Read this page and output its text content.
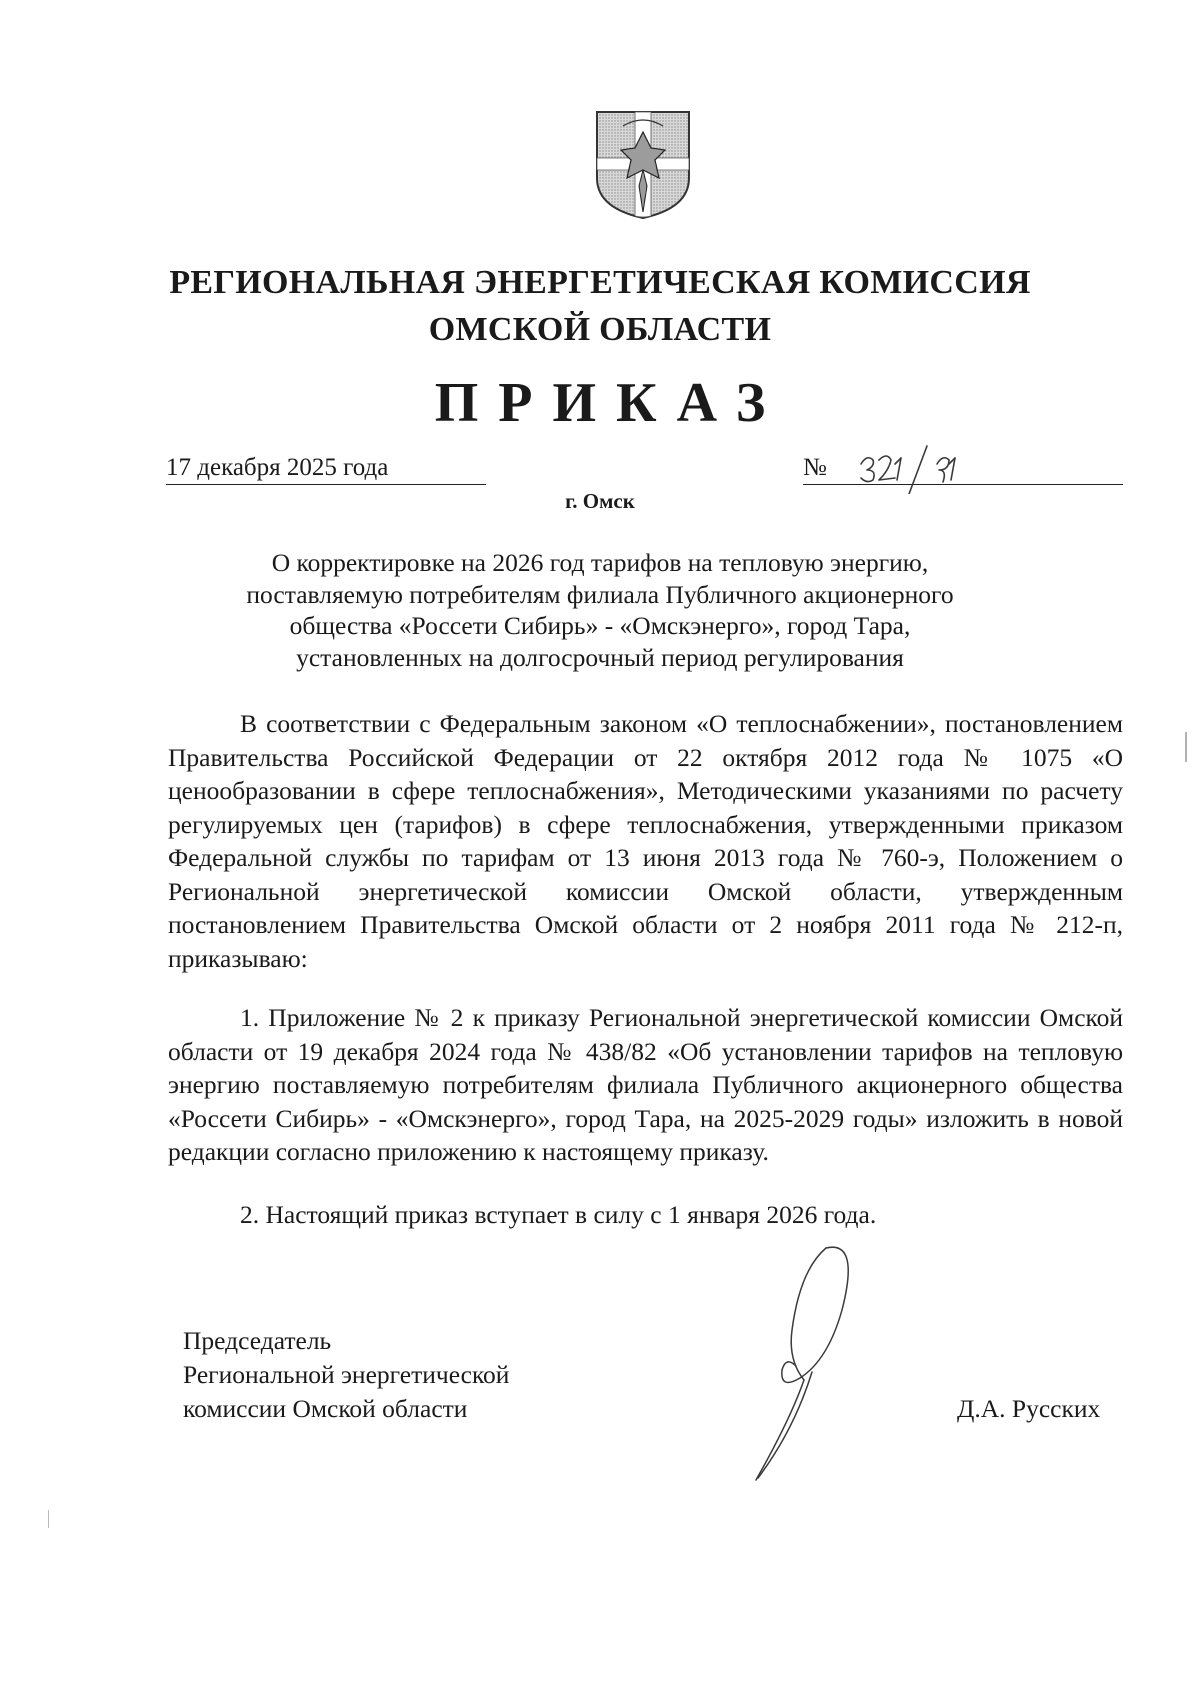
РЕГИОНАЛЬНАЯ ЭНЕРГЕТИЧЕСКАЯ КОМИССИЯ
ОМСКОЙ ОБЛАСТИ
ПРИКАЗ
17 декабря 2025 года	№
г. Омск
О корректировке на 2026 год тарифов на тепловую энергию,
поставляемую потребителям филиала Публичного акционерного
общества «Россети Сибирь» - «Омскэнерго», город Тара,
установленных на долгосрочный период регулирования
В соответствии с Федеральным законом «О теплоснабжении», постановлением Правительства Российской Федерации от 22 октября 2012 года № 1075 «О ценообразовании в сфере теплоснабжения», Методическими указаниями по расчету регулируемых цен (тарифов) в сфере теплоснабжения, утвержденными приказом Федеральной службы по тарифам от 13 июня 2013 года № 760-э, Положением о Региональной энергетической комиссии Омской области, утвержденным постановлением Правительства Омской области от 2 ноября 2011 года № 212-п, приказываю:
1. Приложение № 2 к приказу Региональной энергетической комиссии Омской области от 19 декабря 2024 года № 438/82 «Об установлении тарифов на тепловую энергию поставляемую потребителям филиала Публичного акционерного общества «Россети Сибирь» - «Омскэнерго», город Тара, на 2025-2029 годы» изложить в новой редакции согласно приложению к настоящему приказу.
2. Настоящий приказ вступает в силу с 1 января 2026 года.
Председатель
Региональной энергетической
комиссии Омской области	Д.А. Русских
